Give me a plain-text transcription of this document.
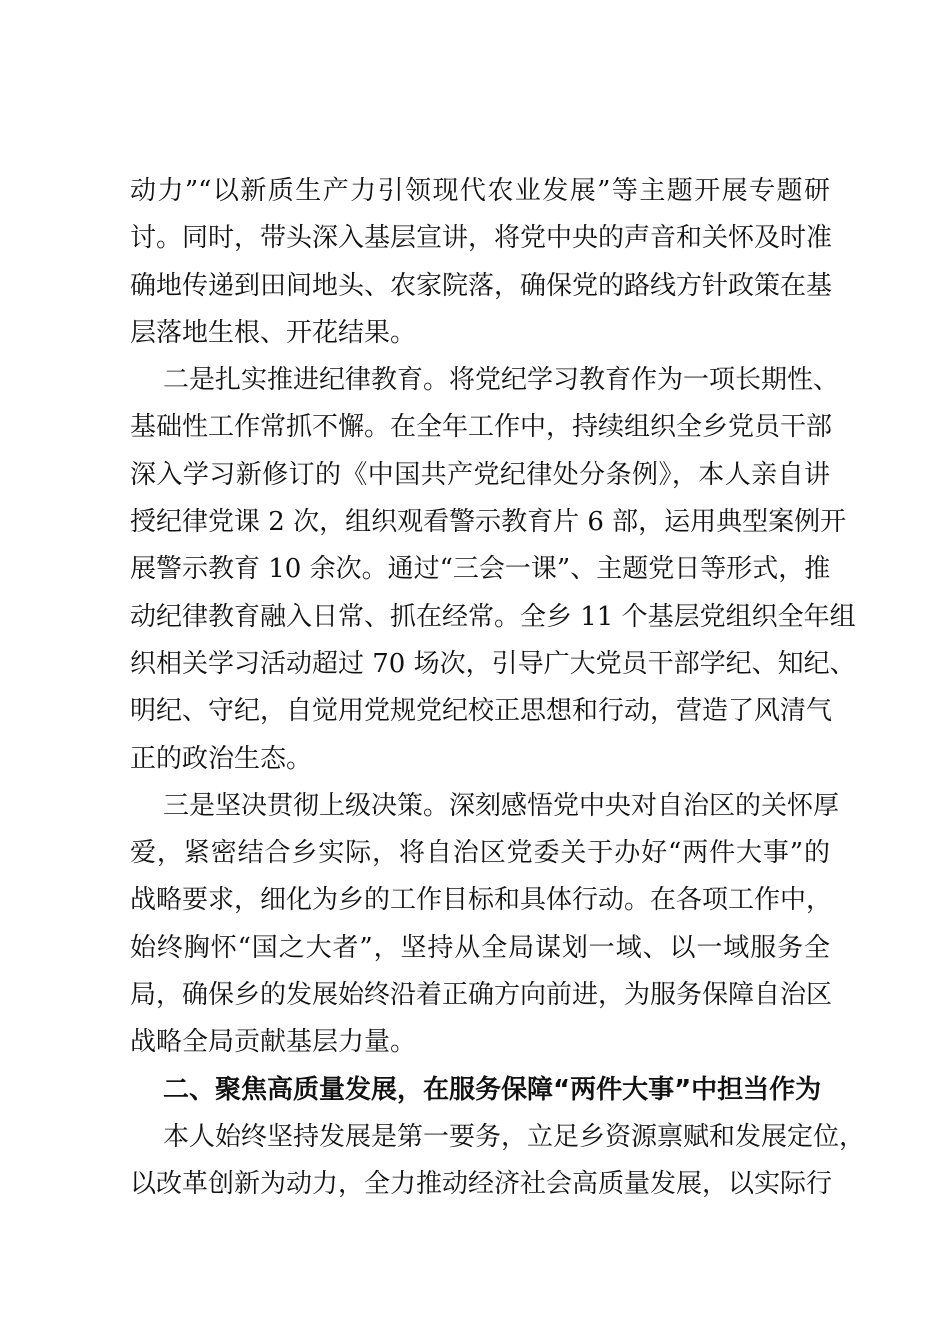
动力”“以新质生产力引领现代农业发展”等主题开展专题研
讨。同时，带头深入基层宣讲，将党中央的声音和关怀及时准
确地传递到田间地头、农家院落，确保党的路线方针政策在基
层落地生根、开花结果。
二是扎实推进纪律教育。将党纪学习教育作为一项长期性、
基础性工作常抓不懈。在全年工作中，持续组织全乡党员干部
深入学习新修订的《中国共产党纪律处分条例》，本人亲自讲
授纪律党课 2 次，组织观看警示教育片 6 部，运用典型案例开
展警示教育 10 余次。通过“三会一课”、主题党日等形式，推
动纪律教育融入日常、抓在经常。全乡 11 个基层党组织全年组
织相关学习活动超过 70 场次，引导广大党员干部学纪、知纪、
明纪、守纪，自觉用党规党纪校正思想和行动，营造了风清气
正的政治生态。
三是坚决贯彻上级决策。深刻感悟党中央对自治区的关怀厚
爱，紧密结合乡实际，将自治区党委关于办好“两件大事”的
战略要求，细化为乡的工作目标和具体行动。在各项工作中，
始终胸怀“国之大者”，坚持从全局谋划一域、以一域服务全
局，确保乡的发展始终沿着正确方向前进，为服务保障自治区
战略全局贡献基层力量。
二、聚焦高质量发展，在服务保障“两件大事”中担当作为
本人始终坚持发展是第一要务，立足乡资源禀赋和发展定位，
以改革创新为动力，全力推动经济社会高质量发展，以实际行
